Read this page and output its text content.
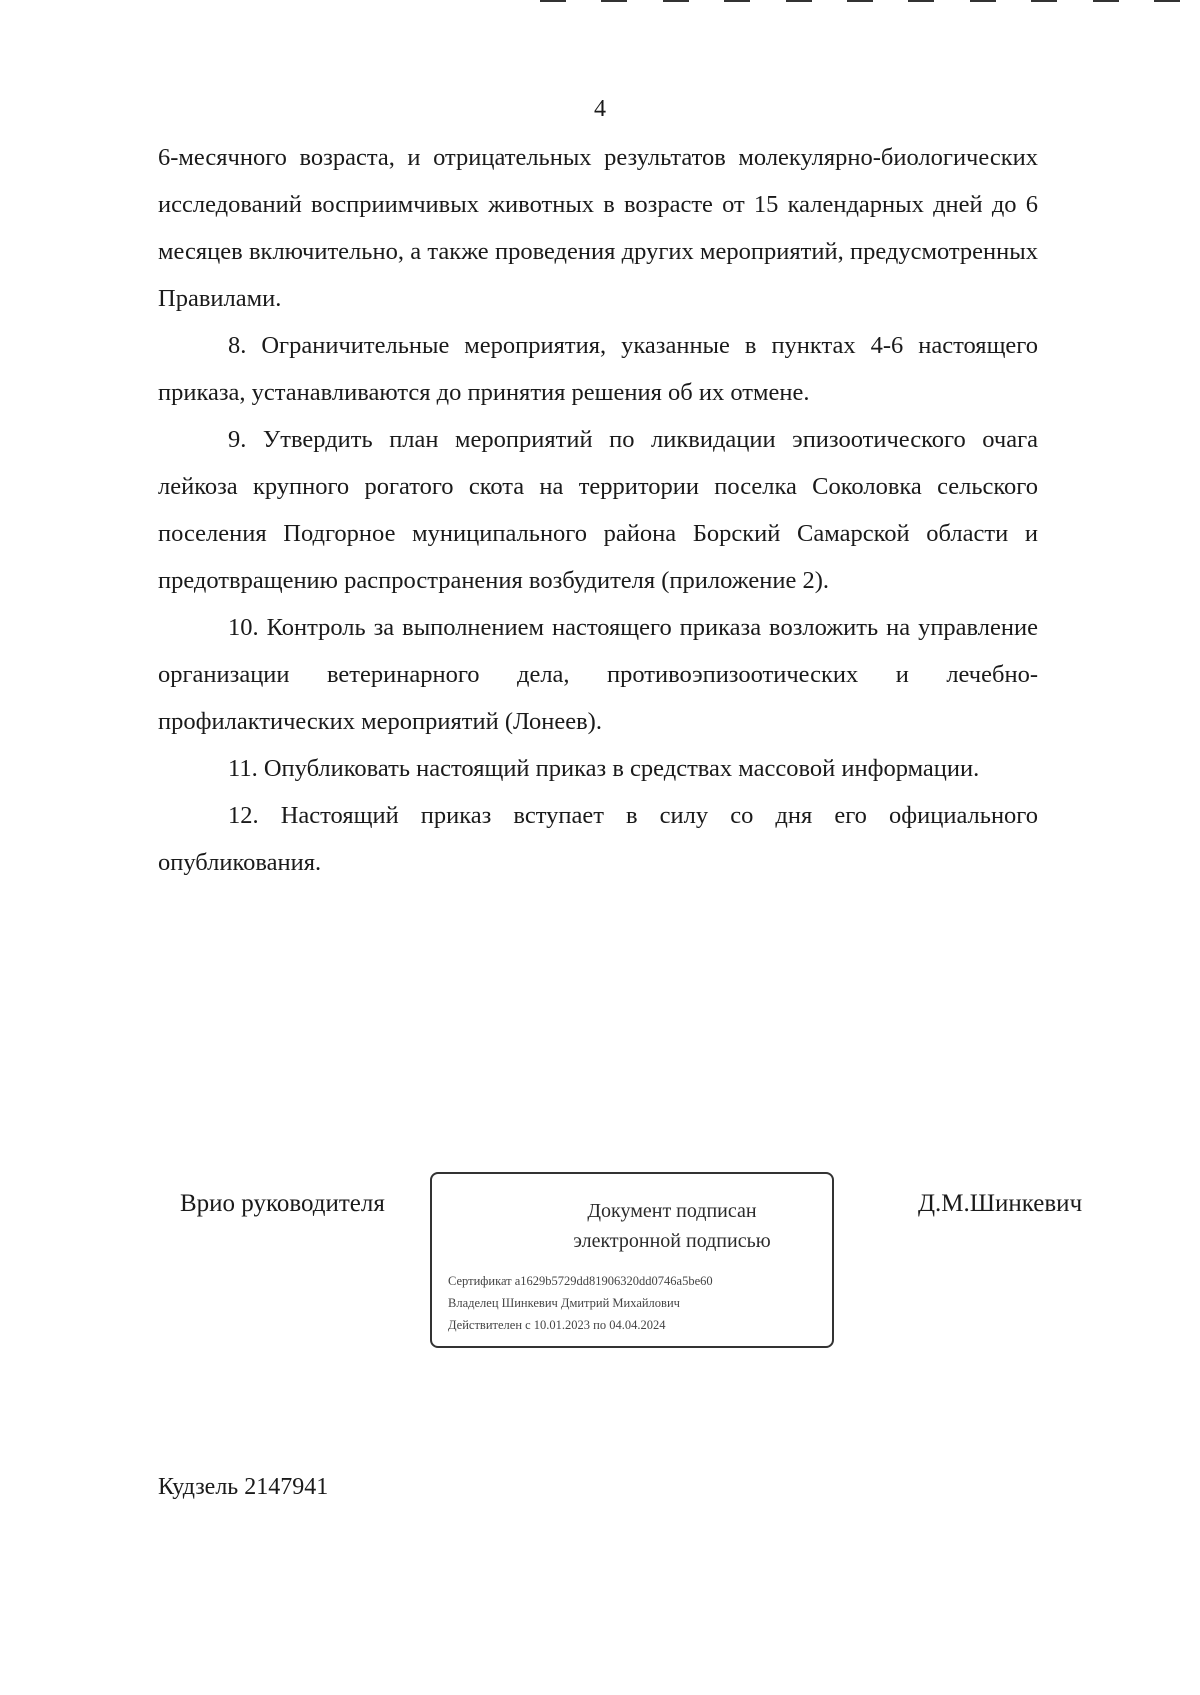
4

6-месячного возраста, и отрицательных результатов молекулярно-биологических исследований восприимчивых животных в возрасте от 15 календарных дней до 6 месяцев включительно, а также проведения других мероприятий, предусмотренных Правилами.

8. Ограничительные мероприятия, указанные в пунктах 4-6 настоящего приказа, устанавливаются до принятия решения об их отмене.

9. Утвердить план мероприятий по ликвидации эпизоотического очага лейкоза крупного рогатого скота на территории поселка Соколовка сельского поселения Подгорное муниципального района Борский Самарской области и предотвращению распространения возбудителя (приложение 2).

10. Контроль за выполнением настоящего приказа возложить на управление организации ветеринарного дела, противоэпизоотических и лечебно-профилактических мероприятий (Лонеев).

11. Опубликовать настоящий приказ в средствах массовой информации.

12. Настоящий приказ вступает в силу со дня его официального опубликования.

Врио руководителя	Документ подписан
электронной подписью
Сертификат a1629b5729dd81906320dd0746a5be60
Владелец Шинкевич Дмитрий Михайлович
Действителен с 10.01.2023 по 04.04.2024
Д.М.Шинкевич
Кудзель 2147941
